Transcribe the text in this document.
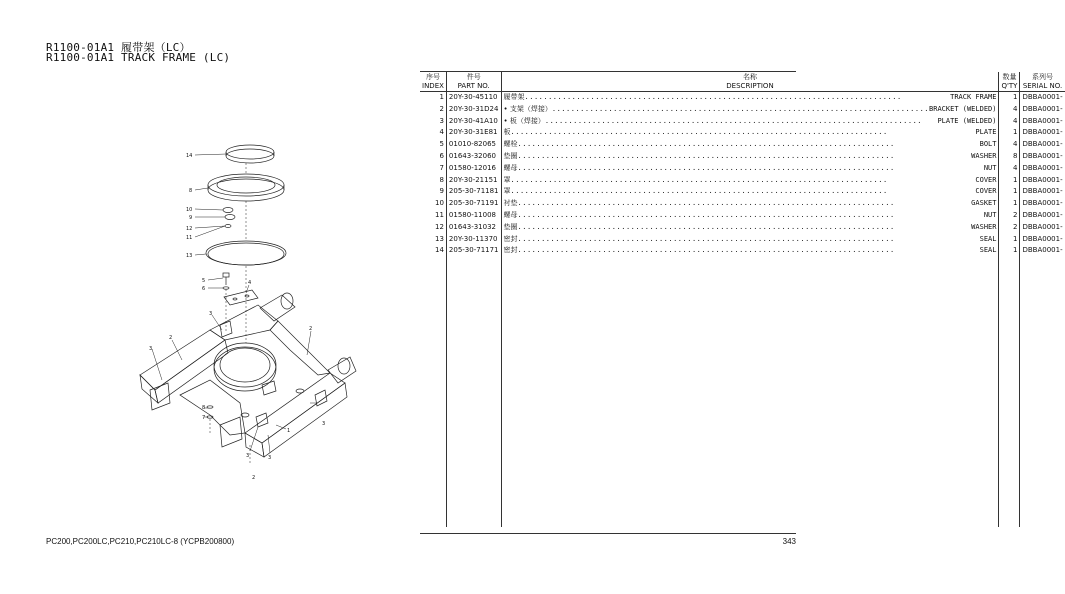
R1100-01A1 履带架（LC）
R1100-01A1 TRACK FRAME (LC)
14
8
10
9
11
12
13
5
6
4
3
2
3
2
3
3
8
7
1
3
2
序号	件号	名称	数量	系列号
INDEX	PART NO.	DESCRIPTION	Q'TY	SERIAL NO.
1	20Y-30-45110	履带架 ................................................................................ TRACK FRAME	1	DBBA0001-
2	20Y-30-31D24	• 支架（焊接） ................................................................................ BRACKET (WELDED)	4	DBBA0001-
3	20Y-30-41A10	• 板（焊接） ................................................................................ PLATE (WELDED)	4	DBBA0001-
4	20Y-30-31E81	板 ................................................................................ PLATE	1	DBBA0001-
5	01010-82065	螺栓 ................................................................................ BOLT	4	DBBA0001-
6	01643-32060	垫圈 ................................................................................ WASHER	8	DBBA0001-
7	01580-12016	螺母 ................................................................................ NUT	4	DBBA0001-
8	20Y-30-21151	罩 ................................................................................ COVER	1	DBBA0001-
9	205-30-71181	罩 ................................................................................ COVER	1	DBBA0001-
10	205-30-71191	衬垫 ................................................................................ GASKET	1	DBBA0001-
11	01580-11008	螺母 ................................................................................ NUT	2	DBBA0001-
12	01643-31032	垫圈 ................................................................................ WASHER	2	DBBA0001-
13	20Y-30-11370	密封 ................................................................................ SEAL	1	DBBA0001-
14	205-30-71171	密封 ................................................................................ SEAL	1	DBBA0001-

PC200,PC200LC,PC210,PC210LC-8 (YCPB200800)	343
